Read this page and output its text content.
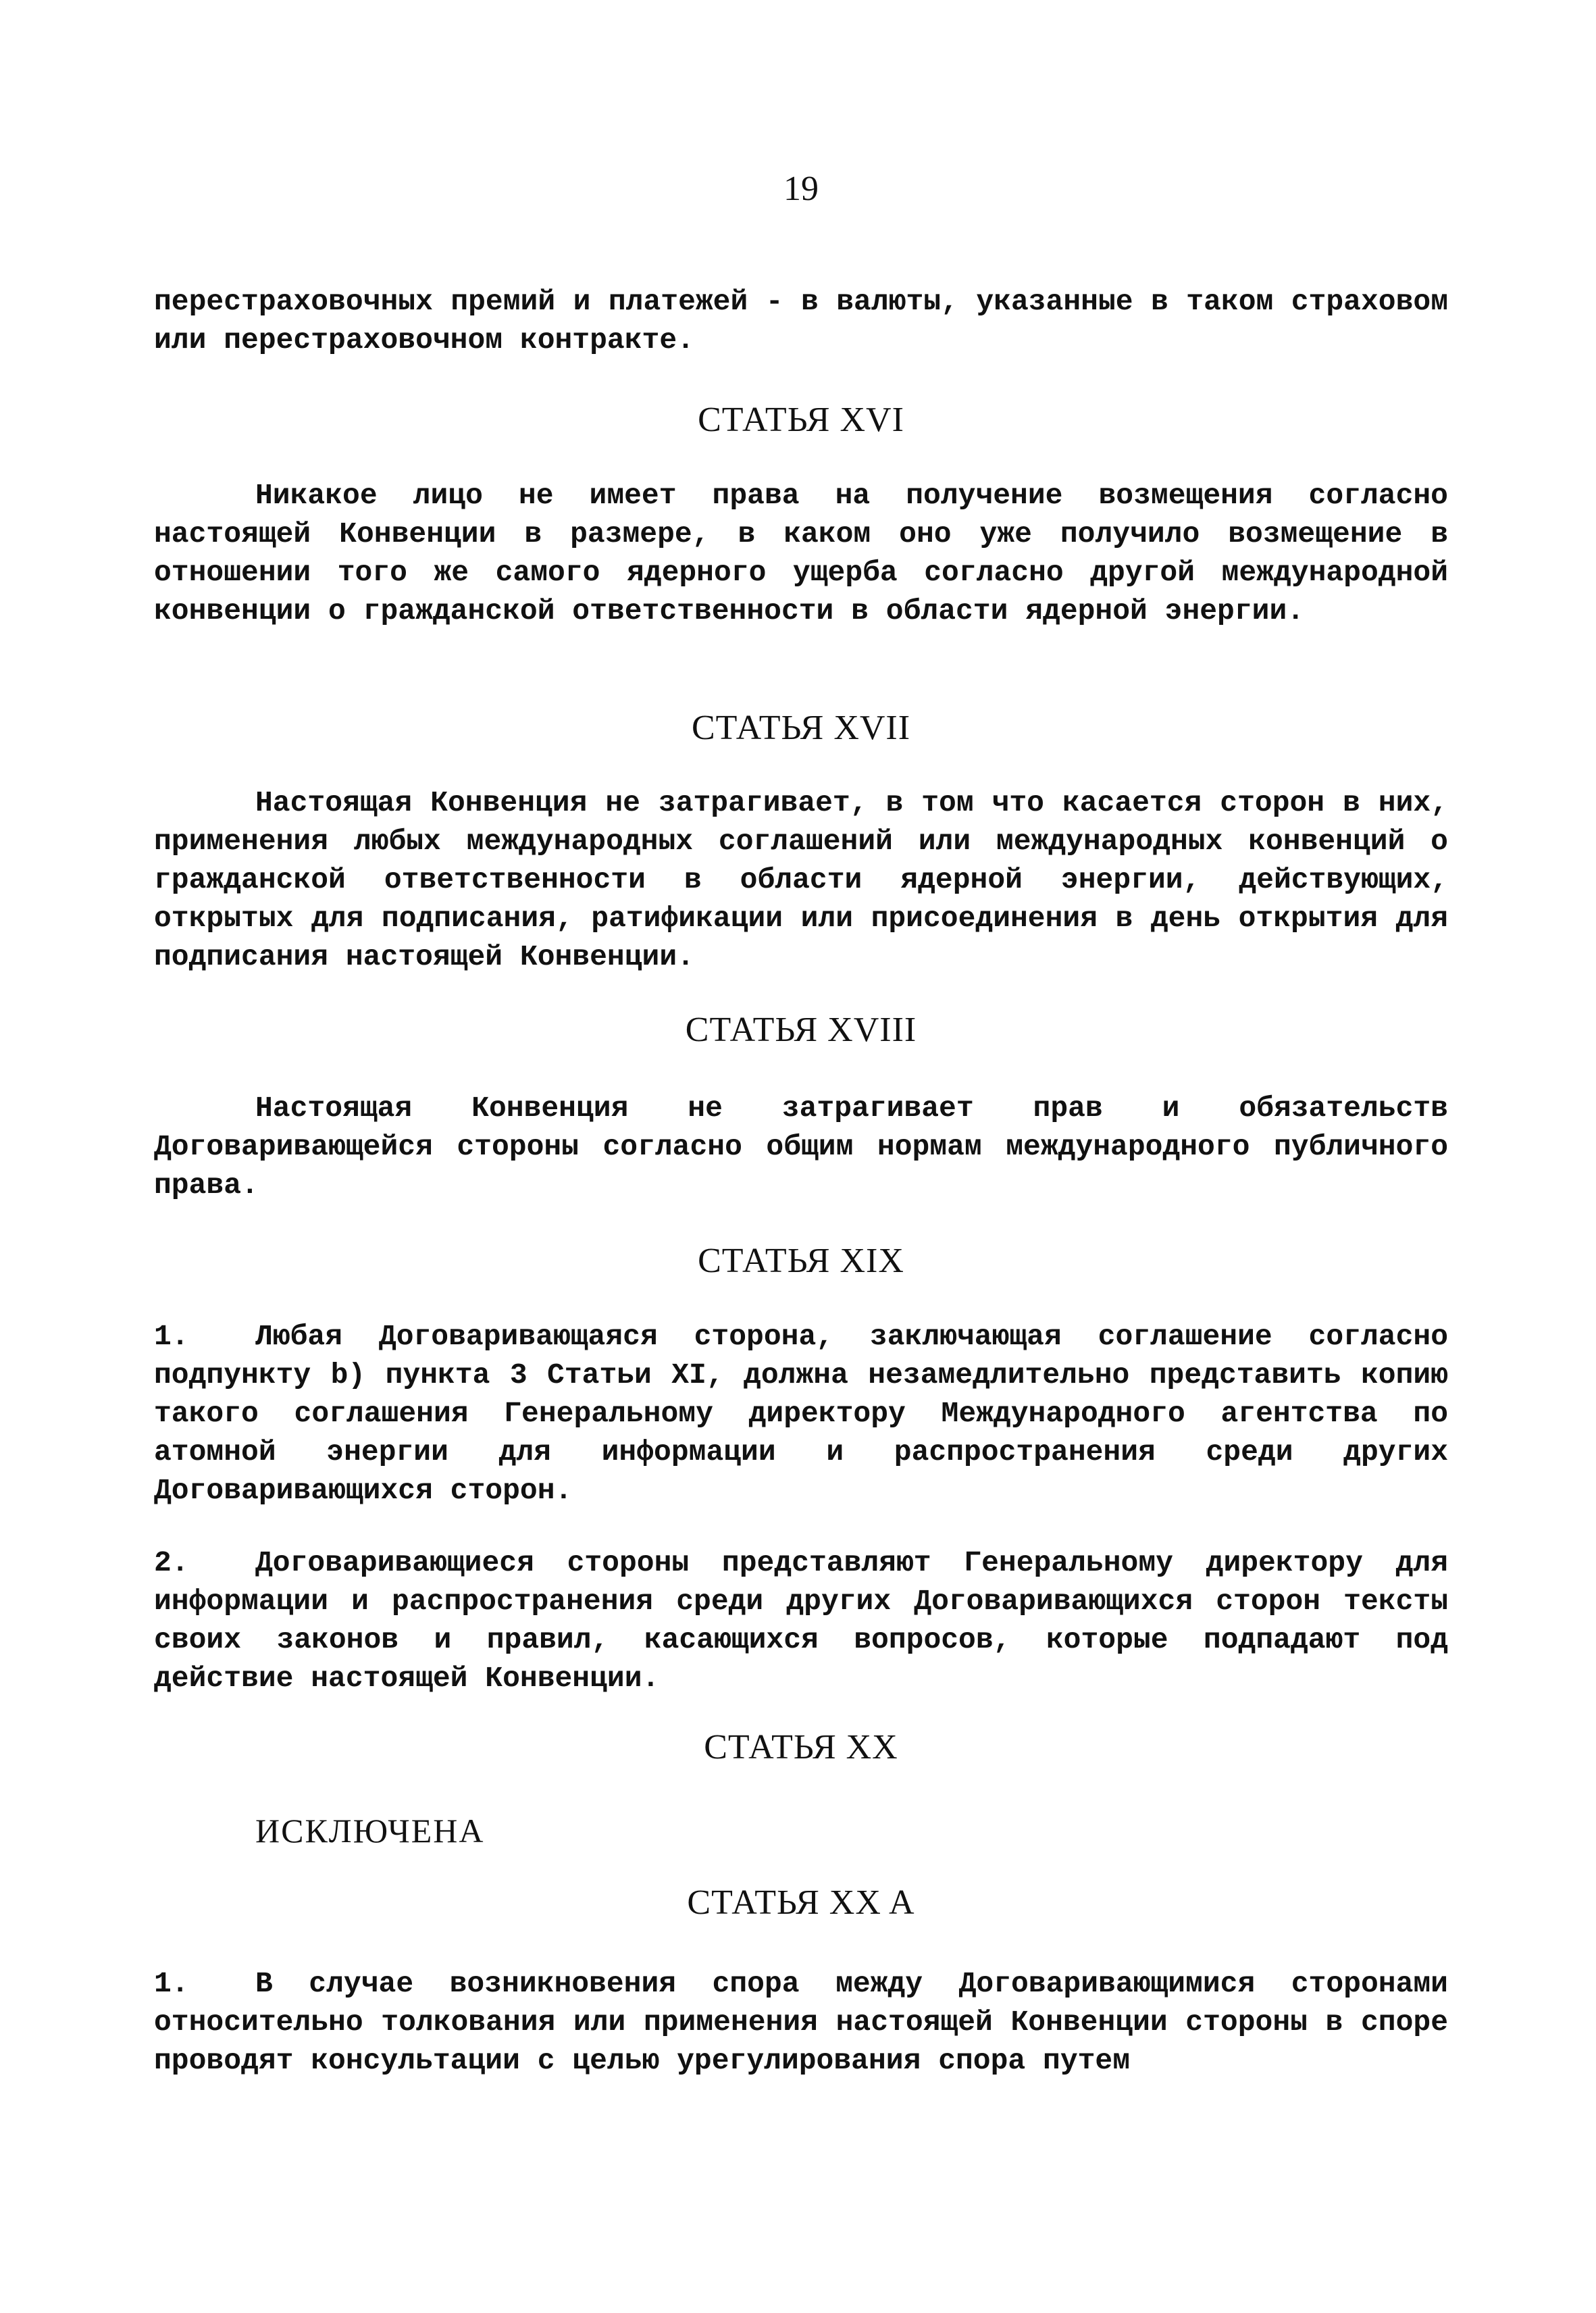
19

перестраховочных премий и платежей - в валюты, указанные в таком страховом или перестраховочном контракте.

СТАТЬЯ XVI

Никакое лицо не имеет права на получение возмещения согласно настоящей Конвенции в размере, в каком оно уже получило возмещение в отношении того же самого ядерного ущерба согласно другой международной конвенции о гражданской ответственности в области ядерной энергии.

СТАТЬЯ XVII

Настоящая Конвенция не затрагивает, в том что касается сторон в них, применения любых международных соглашений или международных конвенций о гражданской ответственности в области ядерной энергии, действующих, открытых для подписания, ратификации или присоединения в день открытия для подписания настоящей Конвенции.

СТАТЬЯ XVIII

Настоящая Конвенция не затрагивает прав и обязательств Договаривающейся стороны согласно общим нормам международного публичного права.

СТАТЬЯ XIX

1. Любая Договаривающаяся сторона, заключающая соглашение согласно подпункту b) пункта 3 Статьи XI, должна незамедлительно представить копию такого соглашения Генеральному директору Международного агентства по атомной энергии для информации и распространения среди других Договаривающихся сторон.

2. Договаривающиеся стороны представляют Генеральному директору для информации и распространения среди других Договаривающихся сторон тексты своих законов и правил, касающихся вопросов, которые подпадают под действие настоящей Конвенции.

СТАТЬЯ XX
ИСКЛЮЧЕНА
СТАТЬЯ XX A

1. В случае возникновения спора между Договаривающимися сторонами относительно толкования или применения настоящей Конвенции стороны в споре проводят консультации с целью урегулирования спора путем
